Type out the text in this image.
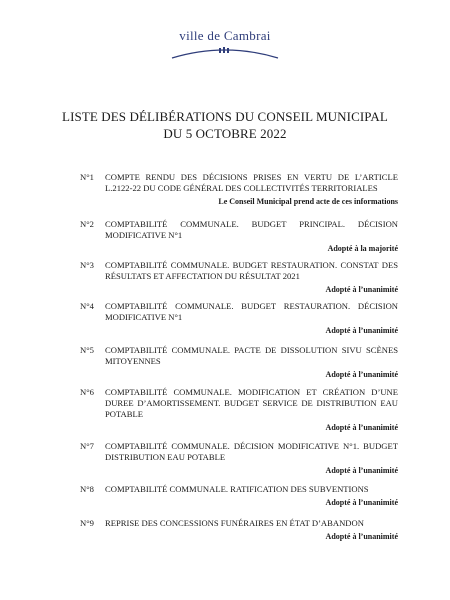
ville de Cambrai
LISTE DES DÉLIBÉRATIONS DU CONSEIL MUNICIPAL
DU 5 OCTOBRE 2022
N°1 COMPTE RENDU DES DÉCISIONS PRISES EN VERTU DE L’ARTICLE L.2122-22 DU CODE GÉNÉRAL DES COLLECTIVITÉS TERRITORIALES
Le Conseil Municipal prend acte de ces informations
N°2 COMPTABILITÉ COMMUNALE. BUDGET PRINCIPAL. DÉCISION MODIFICATIVE N°1
Adopté à la majorité
N°3 COMPTABILITÉ COMMUNALE. BUDGET RESTAURATION. CONSTAT DES RÉSULTATS ET AFFECTATION DU RÉSULTAT 2021
Adopté à l’unanimité
N°4 COMPTABILITÉ COMMUNALE. BUDGET RESTAURATION. DÉCISION MODIFICATIVE N°1
Adopté à l’unanimité
N°5 COMPTABILITÉ COMMUNALE. PACTE DE DISSOLUTION SIVU SCÈNES MITOYENNES
Adopté à l’unanimité
N°6 COMPTABILITÉ COMMUNALE. MODIFICATION ET CRÉATION D’UNE DUREE D’AMORTISSEMENT. BUDGET SERVICE DE DISTRIBUTION EAU POTABLE
Adopté à l’unanimité
N°7 COMPTABILITÉ COMMUNALE. DÉCISION MODIFICATIVE N°1. BUDGET DISTRIBUTION EAU POTABLE
Adopté à l’unanimité
N°8 COMPTABILITÉ COMMUNALE. RATIFICATION DES SUBVENTIONS
Adopté à l’unanimité
N°9 REPRISE DES CONCESSIONS FUNÉRAIRES EN ÉTAT D’ABANDON
Adopté à l’unanimité
